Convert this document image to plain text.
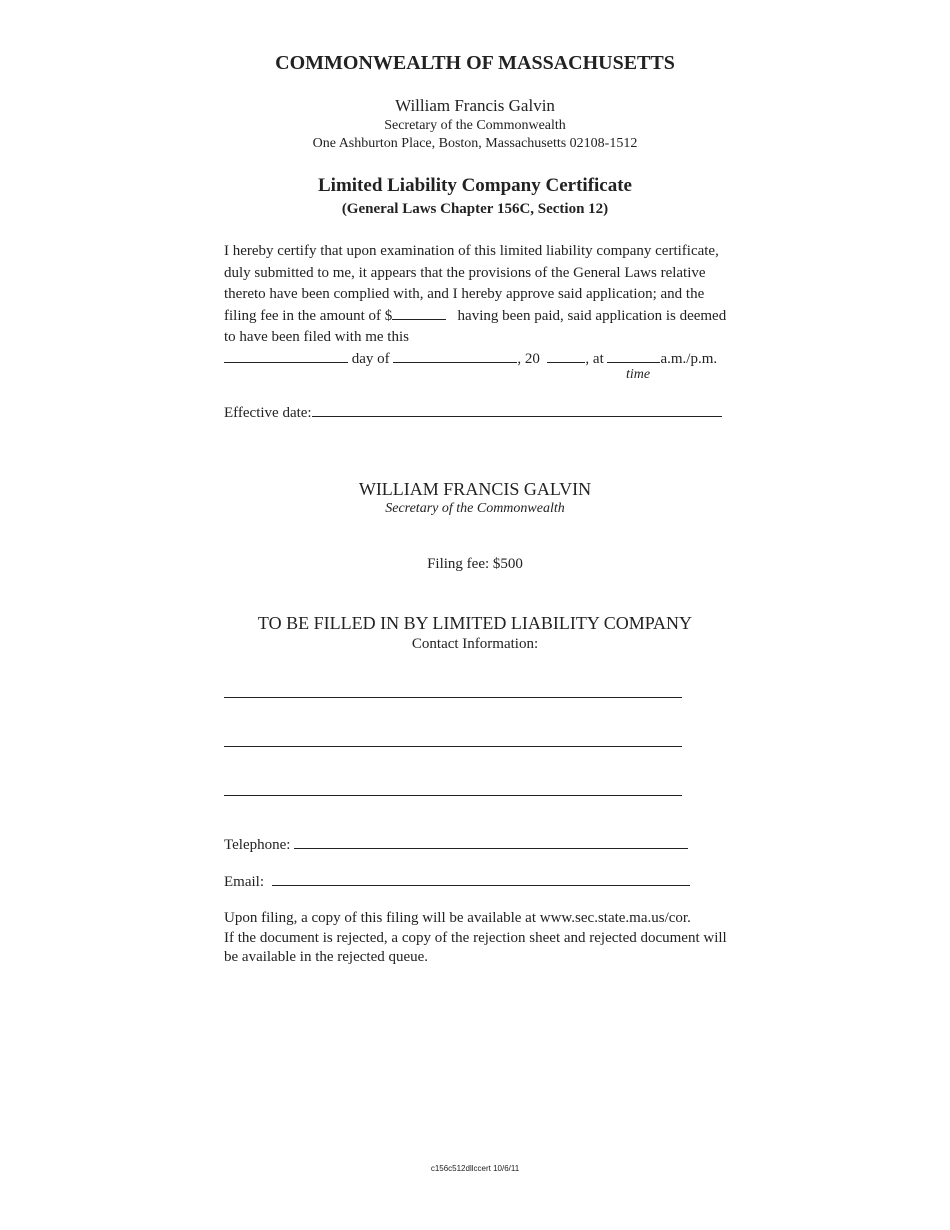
COMMONWEALTH OF MASSACHUSETTS
William Francis Galvin
Secretary of the Commonwealth
One Ashburton Place, Boston, Massachusetts 02108-1512
Limited Liability Company Certificate
(General Laws Chapter 156C, Section 12)
I hereby certify that upon examination of this limited liability company certificate,
duly submitted to me, it appears that the provisions of the General Laws relative
thereto have been complied with, and I hereby approve said application; and the
filing fee in the amount of $	having been paid, said application is deemed
to have been filed with me this
day of	, 20	, at	a.m./p.m.
time
Effective date:
WILLIAM FRANCIS GALVIN
Secretary of the Commonwealth
Filing fee: $500
TO BE FILLED IN BY LIMITED LIABILITY COMPANY
Contact Information:
Telephone:
Email:
Upon filing, a copy of this filing will be available at www.sec.state.ma.us/cor.
If the document is rejected, a copy of the rejection sheet and rejected document will
be available in the rejected queue.
c156c512dllccert 10/6/11
